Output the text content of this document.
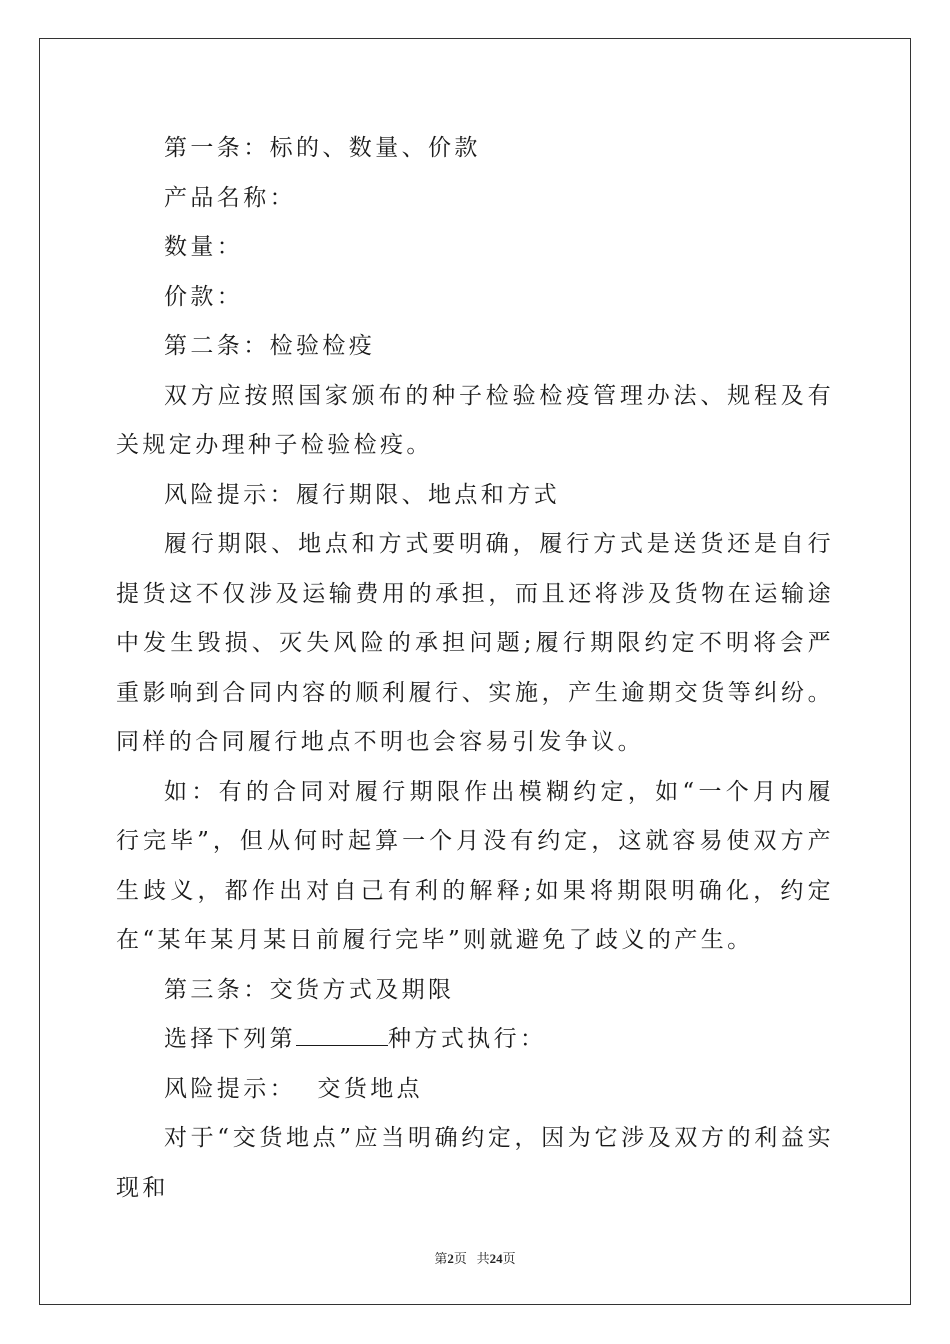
第一条：标的、数量、价款

产品名称：

数量：

价款：

第二条：检验检疫

双方应按照国家颁布的种子检验检疫管理办法、规程及有关规定办理种子检验检疫。

风险提示：履行期限、地点和方式

履行期限、地点和方式要明确，履行方式是送货还是自行提货这不仅涉及运输费用的承担，而且还将涉及货物在运输途中发生毁损、灭失风险的承担问题;履行期限约定不明将会严重影响到合同内容的顺利履行、实施，产生逾期交货等纠纷。同样的合同履行地点不明也会容易引发争议。

如：有的合同对履行期限作出模糊约定，如“一个月内履行完毕”，但从何时起算一个月没有约定，这就容易使双方产生歧义，都作出对自己有利的解释;如果将期限明确化，约定在“某年某月某日前履行完毕”则就避免了歧义的产生。

第三条：交货方式及期限

选择下列第	种方式执行：

风险提示：  交货地点

对于“交货地点”应当明确约定，因为它涉及双方的利益实现和

第2页 共24页
